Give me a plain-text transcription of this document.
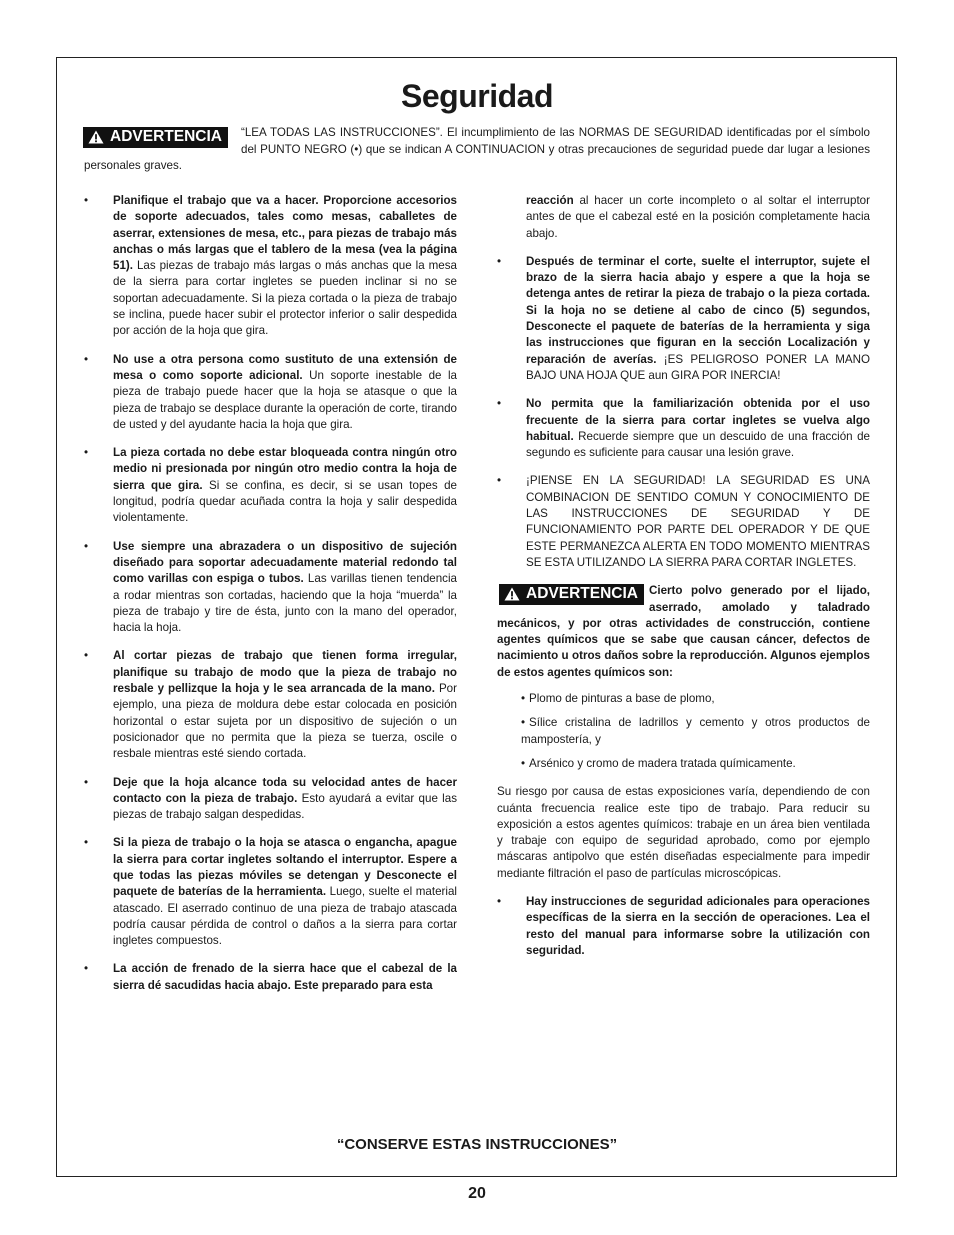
Seguridad
“LEA TODAS LAS INSTRUCCIONES”. El incumplimiento de las NORMAS DE SEGURIDAD identificadas por el símbolo del PUNTO NEGRO (•) que se indican A CONTINUACION y otras precauciones de seguridad puede dar lugar a lesiones personales graves.
ADVERTENCIA
• Planifique el trabajo que va a hacer. Proporcione accesorios de soporte adecuados, tales como mesas, caballetes de aserrar, extensiones de mesa, etc., para piezas de trabajo más anchas o más largas que el tablero de la mesa (vea la página 51). Las piezas de trabajo más largas o más anchas que la mesa de la sierra para cortar ingletes se pueden inclinar si no se soportan adecuadamente. Si la pieza cortada o la pieza de trabajo se inclina, puede hacer subir el protector inferior o salir despedida por acción de la hoja que gira.
• No use a otra persona como sustituto de una extensión de mesa o como soporte adicional. Un soporte inestable de la pieza de trabajo puede hacer que la hoja se atasque o que la pieza de trabajo se desplace durante la operación de corte, tirando de usted y del ayudante hacia la hoja que gira.
• La pieza cortada no debe estar bloqueada contra ningún otro medio ni presionada por ningún otro medio contra la hoja de sierra que gira. Si se confina, es decir, si se usan topes de longitud, podría quedar acuñada contra la hoja y salir despedida violentamente.
• Use siempre una abrazadera o un dispositivo de sujeción diseñado para soportar adecuadamente material redondo tal como varillas con espiga o tubos. Las varillas tienen tendencia a rodar mientras son cortadas, haciendo que la hoja “muerda” la pieza de trabajo y tire de ésta, junto con la mano del operador, hacia la hoja.
• Al cortar piezas de trabajo que tienen forma irregular, planifique su trabajo de modo que la pieza de trabajo no resbale y pellizque la hoja y le sea arrancada de la mano. Por ejemplo, una pieza de moldura debe estar colocada en posición horizontal o estar sujeta por un dispositivo de sujeción o un posicionador que no permita que la pieza se tuerza, oscile o resbale mientras esté siendo cortada.
• Deje que la hoja alcance toda su velocidad antes de hacer contacto con la pieza de trabajo. Esto ayudará a evitar que las piezas de trabajo salgan despedidas.
• Si la pieza de trabajo o la hoja se atasca o engancha, apague la sierra para cortar ingletes soltando el interruptor. Espere a que todas las piezas móviles se detengan y Desconecte el paquete de baterías de la herramienta. Luego, suelte el material atascado. El aserrado continuo de una pieza de trabajo atascada podría causar pérdida de control o daños a la sierra para cortar ingletes compuestos.
• La acción de frenado de la sierra hace que el cabezal de la sierra dé sacudidas hacia abajo. Este preparado para esta
reacción al hacer un corte incompleto o al soltar el interruptor antes de que el cabezal esté en la posición completamente hacia abajo.
• Después de terminar el corte, suelte el interruptor, sujete el brazo de la sierra hacia abajo y espere a que la hoja se detenga antes de retirar la pieza de trabajo o la pieza cortada. Si la hoja no se detiene al cabo de cinco (5) segundos, Desconecte el paquete de baterías de la herramienta y siga las instrucciones que figuran en la sección Localización y reparación de averías. ¡ES PELIGROSO PONER LA MANO BAJO UNA HOJA QUE aun GIRA POR INERCIA!
• No permita que la familiarización obtenida por el uso frecuente de la sierra para cortar ingletes se vuelva algo habitual. Recuerde siempre que un descuido de una fracción de segundo es suficiente para causar una lesión grave.
• ¡PIENSE EN LA SEGURIDAD! LA SEGURIDAD ES UNA COMBINACION DE SENTIDO COMUN Y CONOCIMIENTO DE LAS INSTRUCCIONES DE SEGURIDAD Y DE FUNCIONAMIENTO POR PARTE DEL OPERADOR Y DE QUE ESTE PERMANEZCA ALERTA EN TODO MOMENTO MIENTRAS SE ESTA UTILIZANDO LA SIERRA PARA CORTAR INGLETES.
Cierto polvo generado por el lijado, aserrado, amolado y taladrado mecánicos, y por otras actividades de construcción, contiene agentes químicos que se sabe que causan cáncer, defectos de nacimiento u otros daños sobre la reproducción. Algunos ejemplos de estos agentes químicos son:
ADVERTENCIA
• Plomo de pinturas a base de plomo,
• Sílice cristalina de ladrillos y cemento y otros productos de mampostería, y
• Arsénico y cromo de madera tratada químicamente.
Su riesgo por causa de estas exposiciones varía, dependiendo de con cuánta frecuencia realice este tipo de trabajo. Para reducir su exposición a estos agentes químicos: trabaje en un área bien ventilada y trabaje con equipo de seguridad aprobado, como por ejemplo máscaras antipolvo que estén diseñadas especialmente para impedir mediante filtración el paso de partículas microscópicas.
• Hay instrucciones de seguridad adicionales para operaciones específicas de la sierra en la sección de operaciones. Lea el resto del manual para informarse sobre la utilización con seguridad.
“CONSERVE ESTAS INSTRUCCIONES”
20
